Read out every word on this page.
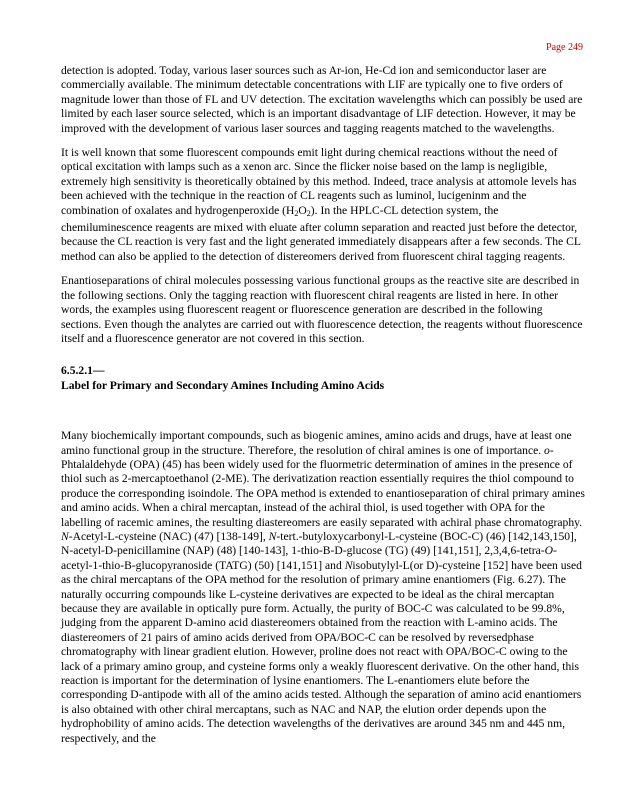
Page 249

detection is adopted. Today, various laser sources such as Ar-ion, He-Cd ion and semiconductor laser are commercially available. The minimum detectable concentrations with LIF are typically one to five orders of magnitude lower than those of FL and UV detection. The excitation wavelengths which can possibly be used are limited by each laser source selected, which is an important disadvantage of LIF detection. However, it may be improved with the development of various laser sources and tagging reagents matched to the wavelengths.

It is well known that some fluorescent compounds emit light during chemical reactions without the need of optical excitation with lamps such as a xenon arc. Since the flicker noise based on the lamp is negligible, extremely high sensitivity is theoretically obtained by this method. Indeed, trace analysis at attomole levels has been achieved with the technique in the reaction of CL reagents such as luminol, lucigeninm and the combination of oxalates and hydrogenperoxide $(H_2O_2)$. In the HPLC-CL detection system, the chemiluminescence reagents are mixed with eluate after column separation and reacted just before the detector, because the CL reaction is very fast and the light generated immediately disappears after a few seconds. The CL method can also be applied to the detection of distereomers derived from fluorescent chiral tagging reagents.

Enantioseparations of chiral molecules possessing various functional groups as the reactive site are described in the following sections. Only the tagging reaction with fluorescent chiral reagents are listed in here. In other words, the examples using fluorescent reagent or fluorescence generation are described in the following sections. Even though the analytes are carried out with fluorescence detection, the reagents without fluorescence itself and a fluorescence generator are not covered in this section.

6.5.2.1—
Label for Primary and Secondary Amines Including Amino Acids

Many biochemically important compounds, such as biogenic amines, amino acids and drugs, have at least one amino functional group in the structure. Therefore, the resolution of chiral amines is one of importance. o-Phtalaldehyde (OPA) (45) has been widely used for the fluormetric determination of amines in the presence of thiol such as 2-mercaptoethanol (2-ME). The derivatization reaction essentially requires the thiol compound to produce the corresponding isoindole. The OPA method is extended to enantioseparation of chiral primary amines and amino acids. When a chiral mercaptan, instead of the achiral thiol, is used together with OPA for the labelling of racemic amines, the resulting diastereomers are easily separated with achiral phase chromatography. N-Acetyl-L-cysteine (NAC) (47) [138-149], N-tert.-butyloxycarbonyl-L-cysteine (BOC-C) (46) [142,143,150], N-acetyl-D-penicillamine (NAP) (48) [140-143], 1-thio-B-D-glucose (TG) (49) [141,151], 2,3,4,6-tetra-O-acetyl-1-thio-B-glucopyranoside (TATG) (50) [141,151] and Nisobutylyl-L(or D)-cysteine [152] have been used as the chiral mercaptans of the OPA method for the resolution of primary amine enantiomers (Fig. 6.27). The naturally occurring compounds like L-cysteine derivatives are expected to be ideal as the chiral mercaptan because they are available in optically pure form. Actually, the purity of BOC-C was calculated to be 99.8%, judging from the apparent D-amino acid diastereomers obtained from the reaction with L-amino acids. The diastereomers of 21 pairs of amino acids derived from OPA/BOC-C can be resolved by reversedphase chromatography with linear gradient elution. However, proline does not react with OPA/BOC-C owing to the lack of a primary amino group, and cysteine forms only a weakly fluorescent derivative. On the other hand, this reaction is important for the determination of lysine enantiomers. The L-enantiomers elute before the corresponding D-antipode with all of the amino acids tested. Although the separation of amino acid enantiomers is also obtained with other chiral mercaptans, such as NAC and NAP, the elution order depends upon the hydrophobility of amino acids. The detection wavelengths of the derivatives are around 345 nm and 445 nm, respectively, and the
